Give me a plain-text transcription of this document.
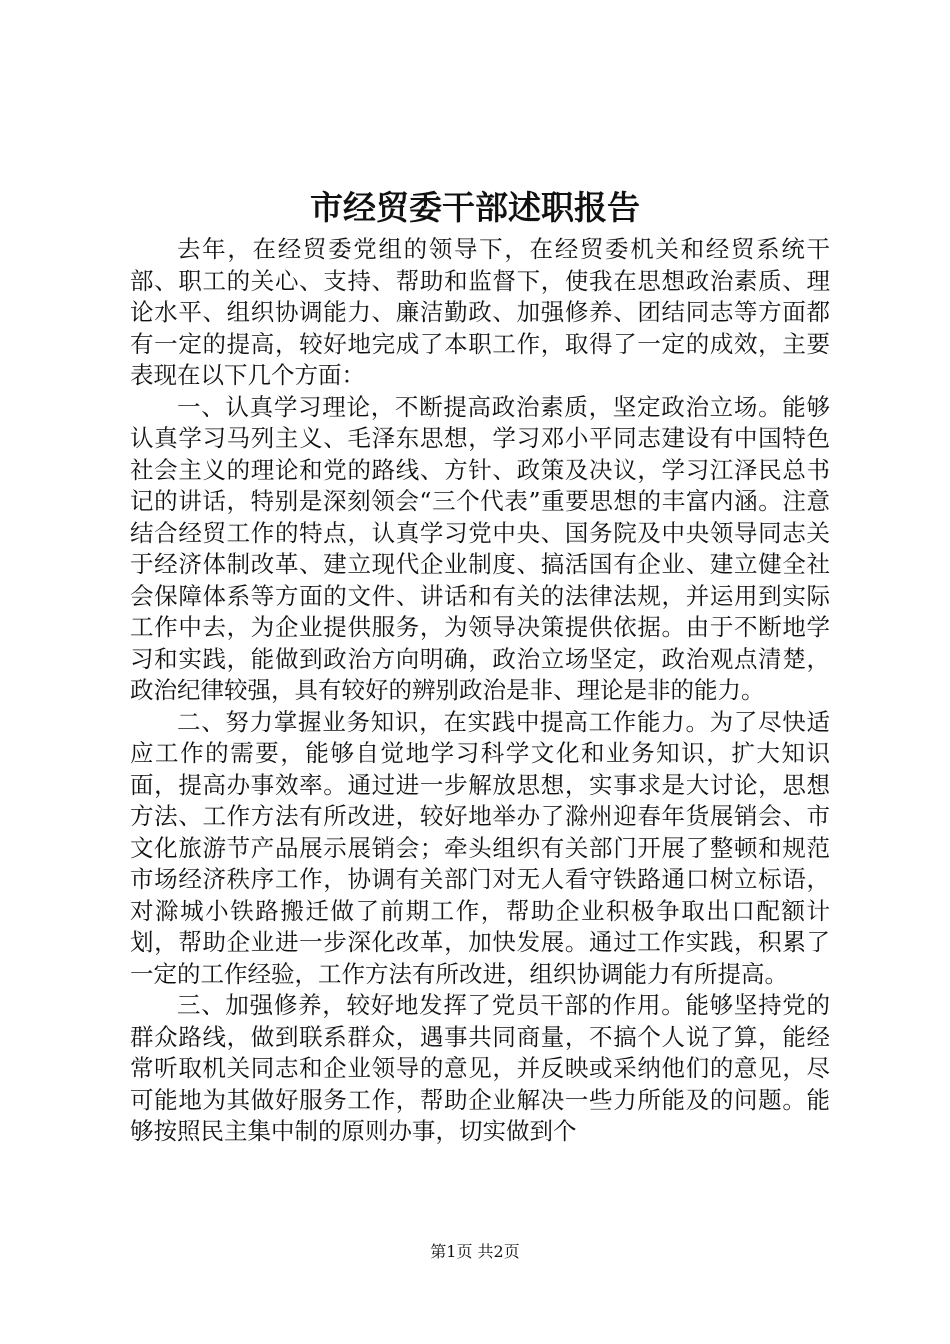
市经贸委干部述职报告

去年，在经贸委党组的领导下，在经贸委机关和经贸系统干部、职工的关心、支持、帮助和监督下，使我在思想政治素质、理论水平、组织协调能力、廉洁勤政、加强修养、团结同志等方面都有一定的提高，较好地完成了本职工作，取得了一定的成效，主要表现在以下几个方面：

一、认真学习理论，不断提高政治素质，坚定政治立场。能够认真学习马列主义、毛泽东思想，学习邓小平同志建设有中国特色社会主义的理论和党的路线、方针、政策及决议，学习江泽民总书记的讲话，特别是深刻领会“三个代表”重要思想的丰富内涵。注意结合经贸工作的特点，认真学习党中央、国务院及中央领导同志关于经济体制改革、建立现代企业制度、搞活国有企业、建立健全社会保障体系等方面的文件、讲话和有关的法律法规，并运用到实际工作中去，为企业提供服务，为领导决策提供依据。由于不断地学习和实践，能做到政治方向明确，政治立场坚定，政治观点清楚，政治纪律较强，具有较好的辨别政治是非、理论是非的能力。

二、努力掌握业务知识，在实践中提高工作能力。为了尽快适应工作的需要，能够自觉地学习科学文化和业务知识，扩大知识面，提高办事效率。通过进一步解放思想，实事求是大讨论，思想方法、工作方法有所改进，较好地举办了滁州迎春年货展销会、市文化旅游节产品展示展销会；牵头组织有关部门开展了整顿和规范市场经济秩序工作，协调有关部门对无人看守铁路通口树立标语，对滁城小铁路搬迁做了前期工作，帮助企业积极争取出口配额计划，帮助企业进一步深化改革，加快发展。通过工作实践，积累了一定的工作经验，工作方法有所改进，组织协调能力有所提高。

三、加强修养，较好地发挥了党员干部的作用。能够坚持党的群众路线，做到联系群众，遇事共同商量，不搞个人说了算，能经常听取机关同志和企业领导的意见，并反映或采纳他们的意见，尽可能地为其做好服务工作，帮助企业解决一些力所能及的问题。能够按照民主集中制的原则办事，切实做到个

第1页 共2页
